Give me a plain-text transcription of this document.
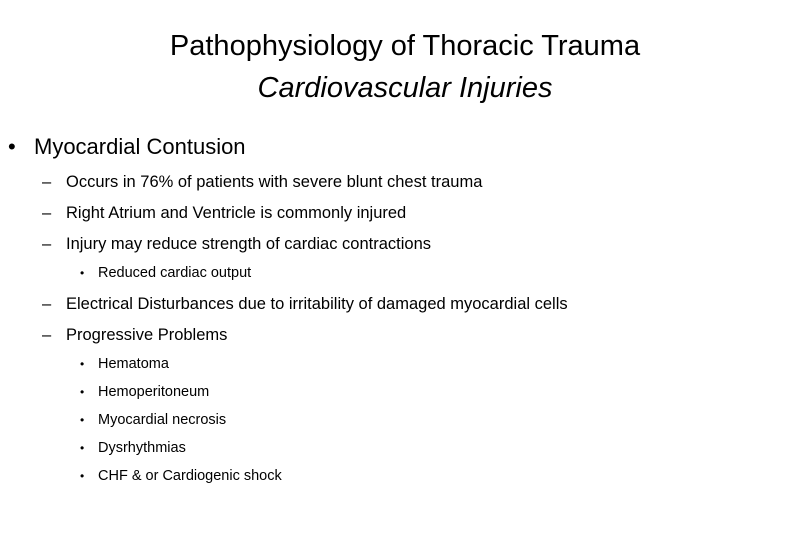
Pathophysiology of Thoracic Trauma
Cardiovascular Injuries
• Myocardial Contusion
– Occurs in 76% of patients with severe blunt chest trauma
– Right Atrium and Ventricle is commonly injured
– Injury may reduce strength of cardiac contractions
• Reduced cardiac output
– Electrical Disturbances due to irritability of damaged myocardial cells
– Progressive Problems
• Hematoma
• Hemoperitoneum
• Myocardial necrosis
• Dysrhythmias
• CHF & or Cardiogenic shock
